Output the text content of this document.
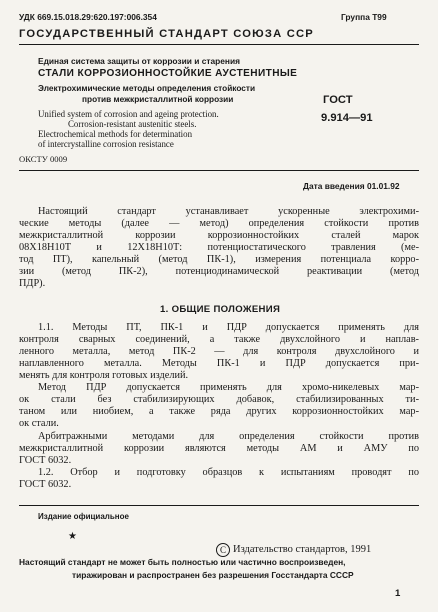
УДК 669.15.018.29:620.197:006.354	Группа T99
ГОСУДАРСТВЕННЫЙ СТАНДАРТ СОЮЗА ССР
Единая система защиты от коррозии и старения
СТАЛИ КОРРОЗИОННОСТОЙКИЕ АУСТЕНИТНЫЕ
Электрохимические методы определения стойкости
против межкристаллитной коррозии	ГОСТ
9.914—91
Unified system of corrosion and ageing protection.
Corrosion-resistant austenitic steels.
Electrochemical methods for determination
of intercrystalline corrosion resistance
ОКСТУ 0009
Дата введения 01.01.92
Настоящий стандарт устанавливает ускоренные электрохими-
ческие методы (далее — метод) определения стойкости против
межкристаллитной коррозии коррозионностойких сталей марок
08Х18Н10Т и 12Х18Н10Т: потенциостатического травления (ме-
тод ПТ), капельный (метод ПК-1), измерения потенциала корро-
зии (метод ПК-2), потенциодинамической реактивации (метод
ПДР).
1. ОБЩИЕ ПОЛОЖЕНИЯ
1.1. Методы ПТ, ПК-1 и ПДР допускается применять для
контроля сварных соединений, а также двухслойного и наплав-
ленного металла, метод ПК-2 — для контроля двухслойного и
наплавленного металла. Методы ПК-1 и ПДР допускается при-
менять для контроля готовых изделий.
Метод ПДР допускается применять для хромо-никелевых мар-
ок стали без стабилизирующих добавок, стабилизированных ти-
таном или ниобием, а также ряда других коррозионностойких мар-
ок стали.
Арбитражными методами для определения стойкости против
межкристаллитной коррозии являются методы АМ и АМУ по
ГОСТ 6032.
1.2. Отбор и подготовку образцов к испытаниям проводят по
ГОСТ 6032.
Издание официальное
★
C Издательство стандартов, 1991
Настоящий стандарт не может быть полностью или частично воспроизведен,
тиражирован и распространен без разрешения Госстандарта СССР
1
